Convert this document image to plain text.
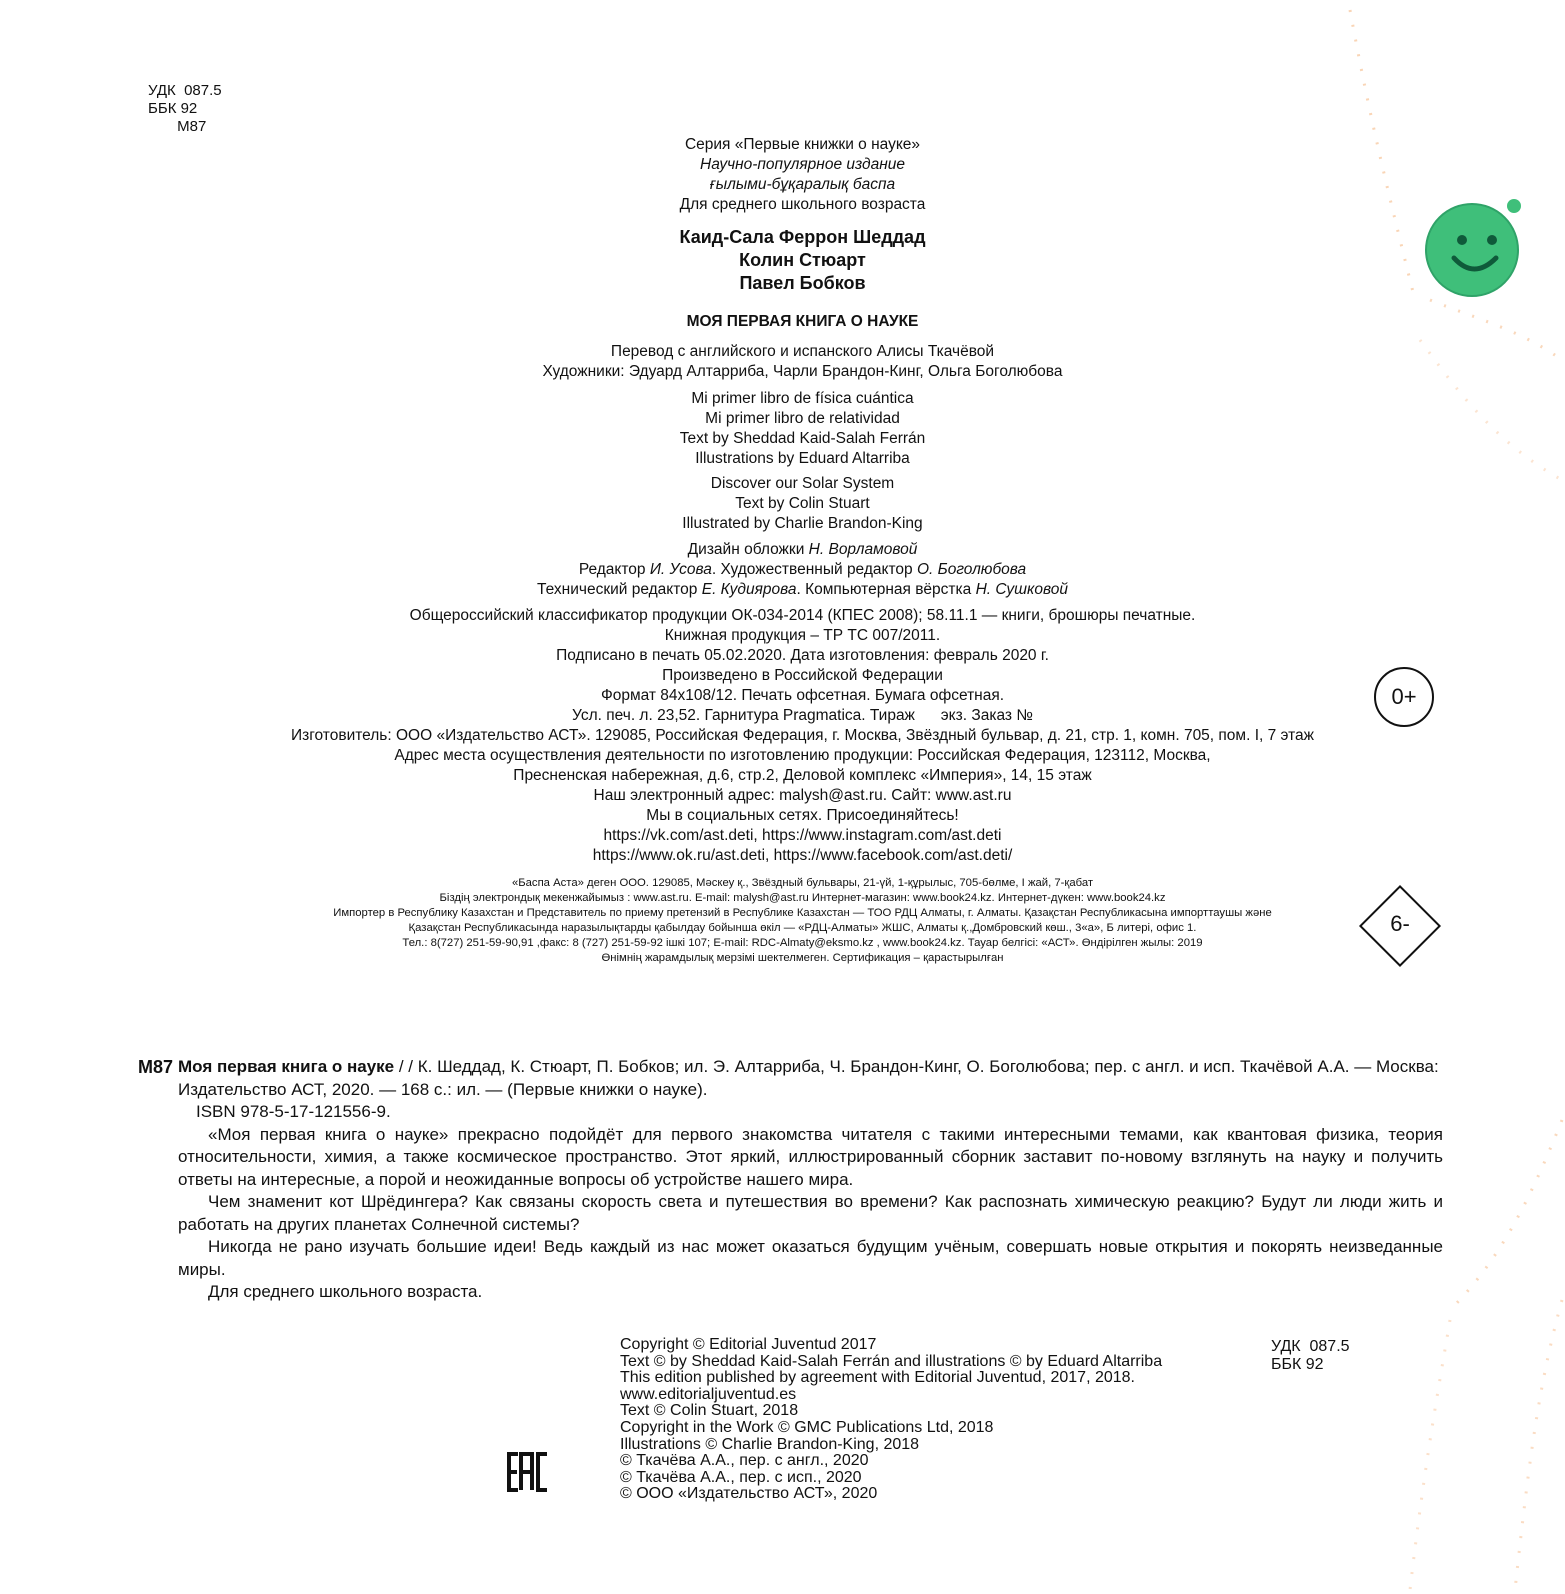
УДК  087.5
ББК 92
М87
Серия «Первые книжки о науке»
Научно-популярное издание
ғылыми-бұқаралық баспа
Для среднего школьного возраста
Каид-Сала Феррон Шеддад
Колин Стюарт
Павел Бобков
МОЯ ПЕРВАЯ КНИГА О НАУКЕ
Перевод с английского и испанского Алисы Ткачёвой
Художники: Эдуард Алтарриба, Чарли Брандон-Кинг, Ольга Боголюбова
Mi primer libro de física cuántica
Mi primer libro de relatividad
Text by Sheddad Kaid-Salah Ferrán
Illustrations by Eduard Altarriba
Discover our Solar System
Text by Colin Stuart
Illustrated by Charlie Brandon-King
Дизайн обложки Н. Ворламовой
Редактор И. Усова. Художественный редактор О. Боголюбова
Технический редактор Е. Кудиярова. Компьютерная вёрстка Н. Сушковой
Общероссийский классификатор продукции ОК-034-2014 (КПЕС 2008); 58.11.1 — книги, брошюры печатные.
Книжная продукция – ТР ТС 007/2011.
Подписано в печать 05.02.2020. Дата изготовления: февраль 2020 г.
Произведено в Российской Федерации
Формат 84x108/12. Печать офсетная. Бумага офсетная.
Усл. печ. л. 23,52. Гарнитура Pragmatica. Тираж      экз. Заказ №
Изготовитель: ООО «Издательство АСТ». 129085, Российская Федерация, г. Москва, Звёздный бульвар, д. 21, стр. 1, комн. 705, пом. I, 7 этаж
Адрес места осуществления деятельности по изготовлению продукции: Российская Федерация, 123112, Москва,
Пресненская набережная, д.6, стр.2, Деловой комплекс «Империя», 14, 15 этаж
Наш электронный адрес: malysh@ast.ru. Сайт: www.ast.ru
Мы в социальных сетях. Присоединяйтесь!
https://vk.com/ast.deti, https://www.instagram.com/ast.deti
https://www.ok.ru/ast.deti, https://www.facebook.com/ast.deti/
«Баспа Аста» деген ООО. 129085, Мәскеу қ., Звёздный бульвары, 21-үй, 1-құрылыс, 705-бөлме, I жай, 7-қабат
Біздің электрондық мекенжайымыз : www.ast.ru. E-mail: malysh@ast.ru Интернет-магазин: www.book24.kz. Интернет-дүкен: www.book24.kz
Импортер в Республику Казахстан и Представитель по приему претензий в Республике Казахстан — ТОО РДЦ Алматы, г. Алматы. Қазақстан Республикасына импорттаушы және
Қазақстан Республикасында наразылықтарды қабылдау бойынша өкіл — «РДЦ-Алматы» ЖШС, Алматы қ.,Домбровский көш., 3«а», Б литері, офис 1.
Тел.: 8(727) 251-59-90,91 ,факс: 8 (727) 251-59-92 ішкі 107; E-mail: RDC-Almaty@eksmo.kz , www.book24.kz. Тауар белгісі: «АСТ». Өндірілген жылы: 2019
Өнімнің жарамдылық мерзімі шектелмеген. Сертификация – қарастырылған
0+
6-
М87 Моя первая книга о науке / / К. Шеддад, К. Стюарт, П. Бобков; ил. Э. Алтарриба, Ч. Брандон-Кинг, О. Боголюбова; пер. с англ. и исп. Ткачёвой А.А. — Москва: Издательство АСТ, 2020. — 168 с.: ил. — (Первые книжки о науке).
ISBN 978-5-17-121556-9.
«Моя первая книга о науке» прекрасно подойдёт для первого знакомства читателя с такими интересными темами, как квантовая физика, теория относительности, химия, а также космическое пространство. Этот яркий, иллюстрированный сборник заставит по-новому взглянуть на науку и получить ответы на интересные, а порой и неожиданные вопросы об устройстве нашего мира.
Чем знаменит кот Шрёдингера? Как связаны скорость света и путешествия во времени? Как распознать химическую реакцию? Будут ли люди жить и работать на других планетах Солнечной системы?
Никогда не рано изучать большие идеи! Ведь каждый из нас может оказаться будущим учёным, совершать новые открытия и покорять неизведанные миры.
Для среднего школьного возраста.
Copyright © Editorial Juventud 2017
Text © by Sheddad Kaid-Salah Ferrán and illustrations © by Eduard Altarriba
This edition published by agreement with Editorial Juventud, 2017, 2018.
www.editorialjuventud.es
Text © Colin Stuart, 2018
Copyright in the Work © GMC Publications Ltd, 2018
Illustrations © Charlie Brandon-King, 2018
© Ткачёва А.А., пер. с англ., 2020
© Ткачёва А.А., пер. с исп., 2020
© ООО «Издательство АСТ», 2020
УДК  087.5
ББК 92
